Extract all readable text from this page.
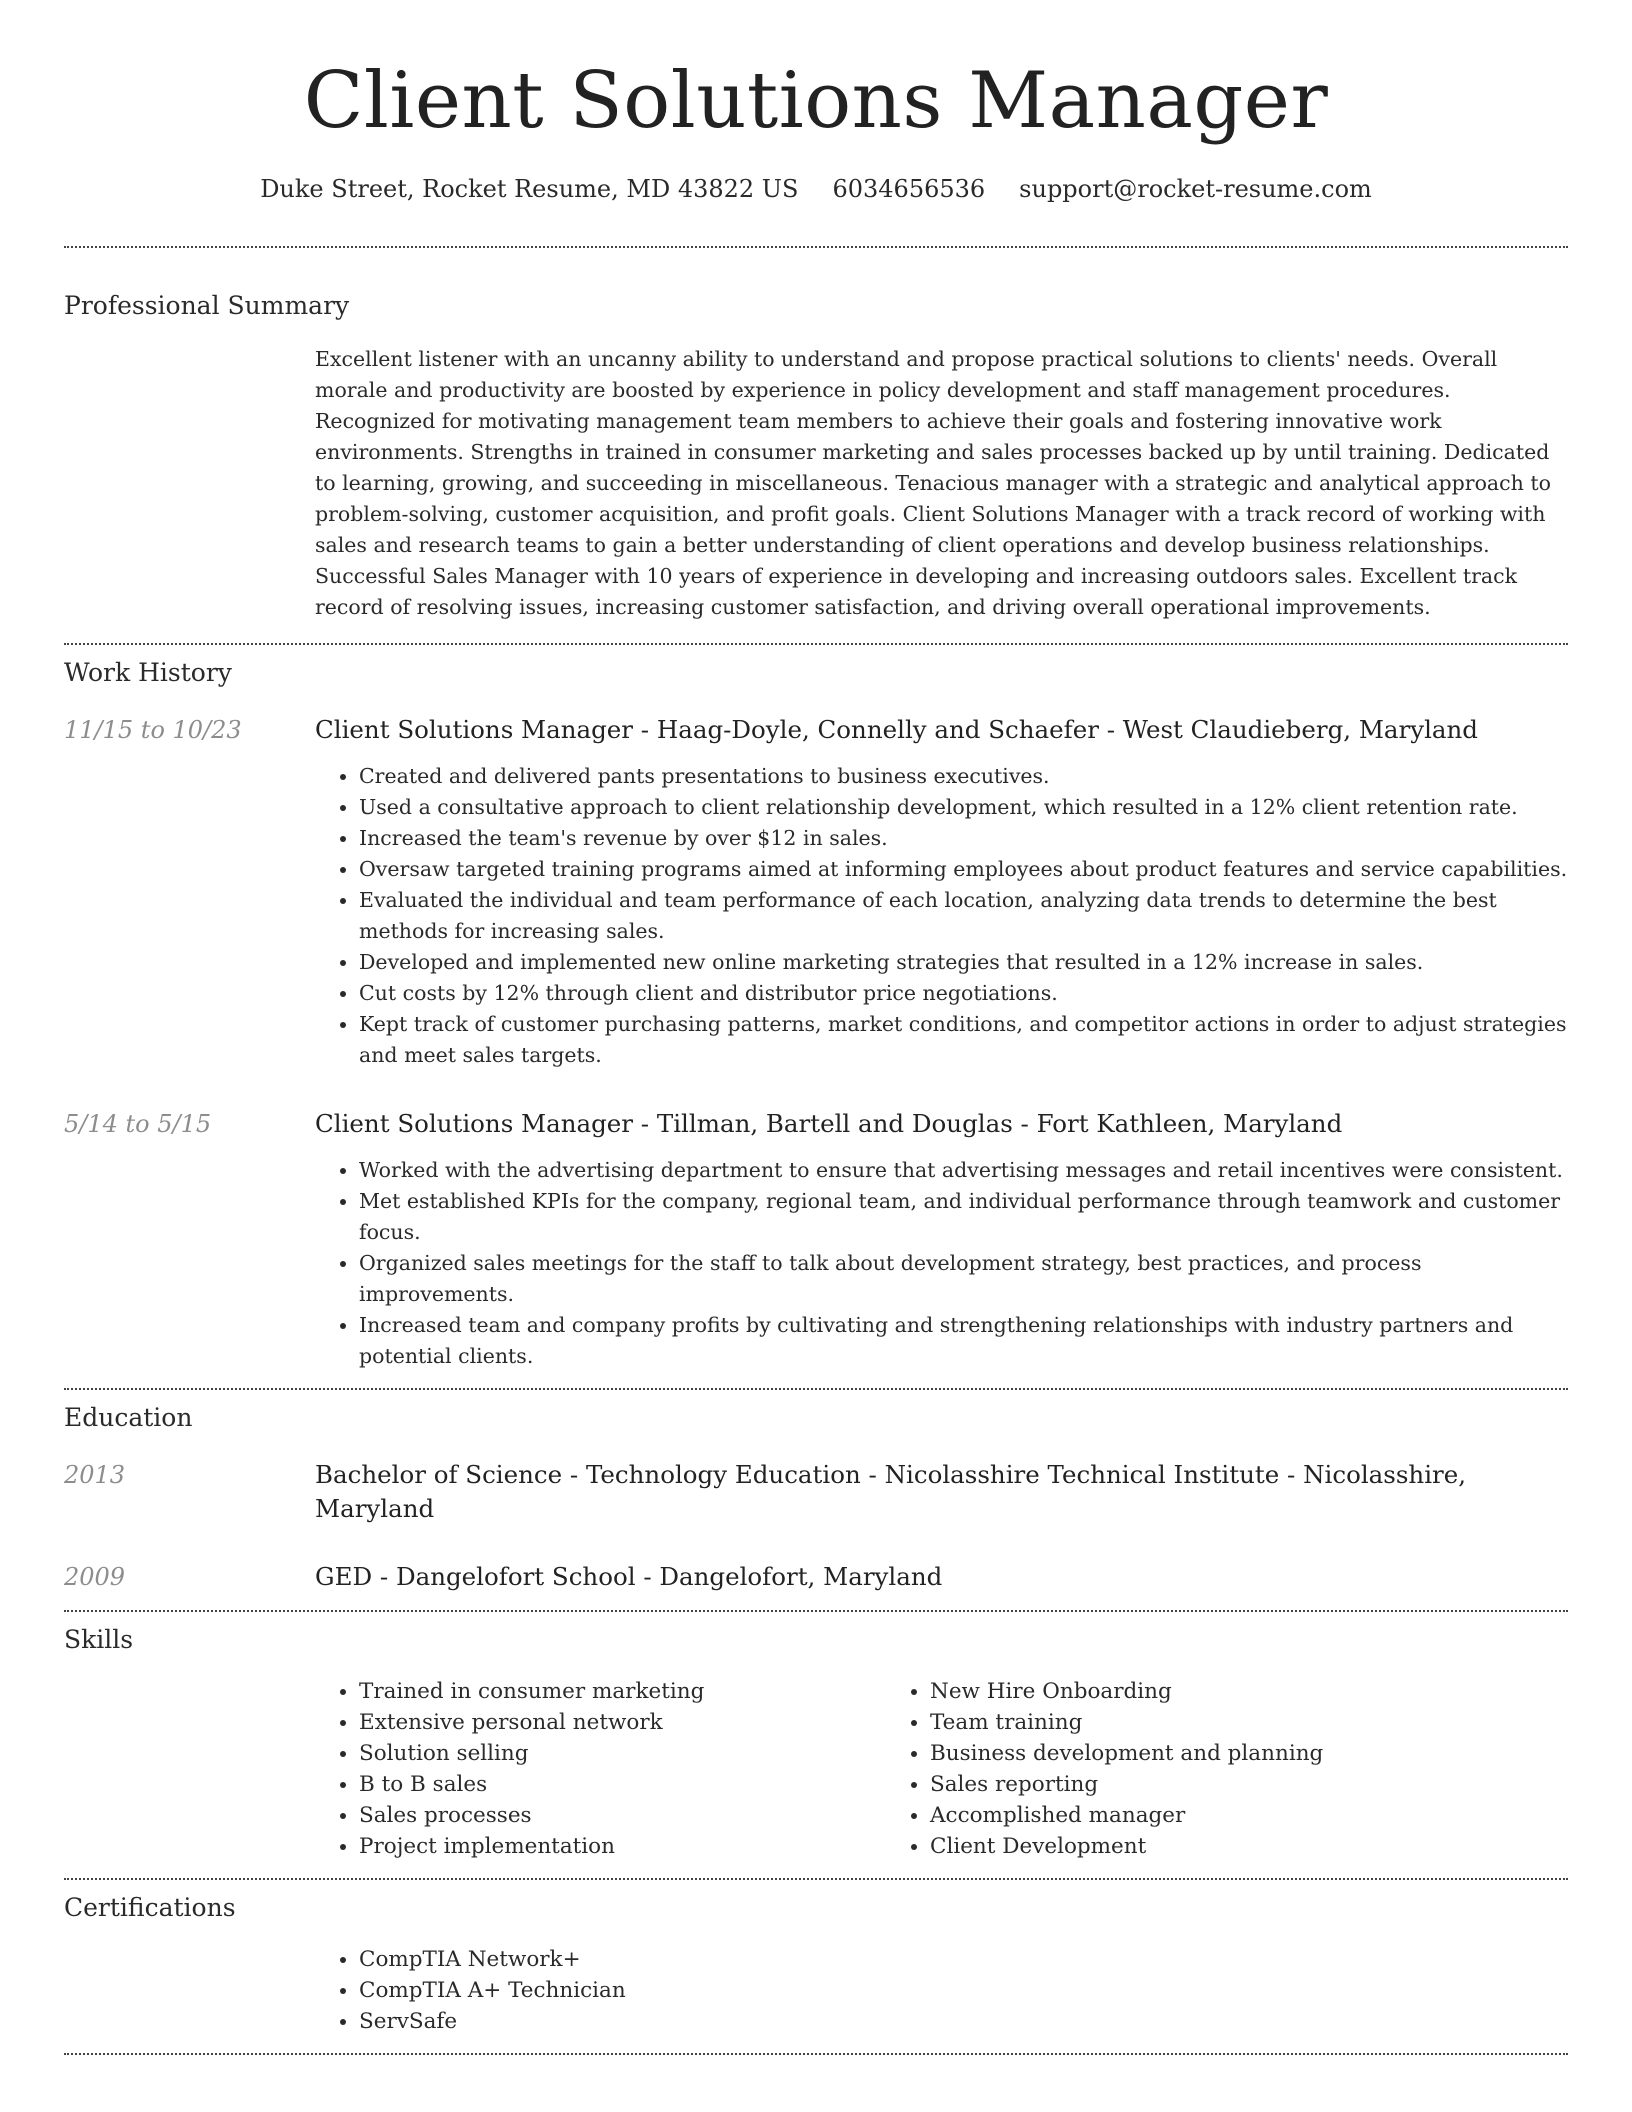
Client Solutions Manager
Duke Street, Rocket Resume, MD 43822 US 6034656536 support@rocket-resume.com
Professional Summary

Excellent listener with an uncanny ability to understand and propose practical solutions to clients' needs. Overall morale and productivity are boosted by experience in policy development and staff management procedures. Recognized for motivating management team members to achieve their goals and fostering innovative work environments. Strengths in trained in consumer marketing and sales processes backed up by until training. Dedicated to learning, growing, and succeeding in miscellaneous. Tenacious manager with a strategic and analytical approach to problem-solving, customer acquisition, and profit goals. Client Solutions Manager with a track record of working with sales and research teams to gain a better understanding of client operations and develop business relationships. Successful Sales Manager with 10 years of experience in developing and increasing outdoors sales. Excellent track record of resolving issues, increasing customer satisfaction, and driving overall operational improvements.

Work History
11/15 to 10/23	Client Solutions Manager - Haag-Doyle, Connelly and Schaefer - West Claudieberg, Maryland
• Created and delivered pants presentations to business executives.
• Used a consultative approach to client relationship development, which resulted in a 12% client retention rate.
• Increased the team's revenue by over $12 in sales.
• Oversaw targeted training programs aimed at informing employees about product features and service capabilities.
• Evaluated the individual and team performance of each location, analyzing data trends to determine the best methods for increasing sales.
• Developed and implemented new online marketing strategies that resulted in a 12% increase in sales.
• Cut costs by 12% through client and distributor price negotiations.
• Kept track of customer purchasing patterns, market conditions, and competitor actions in order to adjust strategies and meet sales targets.
5/14 to 5/15	Client Solutions Manager - Tillman, Bartell and Douglas - Fort Kathleen, Maryland
• Worked with the advertising department to ensure that advertising messages and retail incentives were consistent.
• Met established KPIs for the company, regional team, and individual performance through teamwork and customer focus.
• Organized sales meetings for the staff to talk about development strategy, best practices, and process improvements.
• Increased team and company profits by cultivating and strengthening relationships with industry partners and potential clients.
Education
2013	Bachelor of Science - Technology Education - Nicolasshire Technical Institute - Nicolasshire, Maryland
2009	GED - Dangelofort School - Dangelofort, Maryland
Skills
• Trained in consumer marketing
• Extensive personal network
• Solution selling
• B to B sales
• Sales processes
• Project implementation
• New Hire Onboarding
• Team training
• Business development and planning
• Sales reporting
• Accomplished manager
• Client Development
Certifications
• CompTIA Network+
• CompTIA A+ Technician
• ServSafe
